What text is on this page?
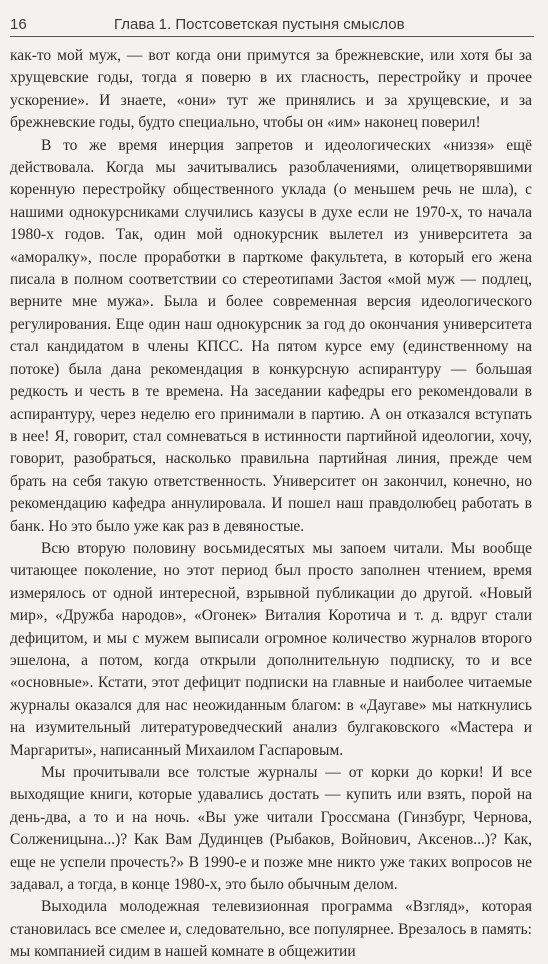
16	Глава 1. Постсоветская пустыня смыслов

как-то мой муж, — вот когда они примутся за брежневские, или хотя бы за хрущевские годы, тогда я поверю в их гласность, перестройку и прочее ускорение». И знаете, «они» тут же принялись и за хрущевские, и за брежневские годы, будто специально, чтобы он «им» наконец поверил!

В то же время инерция запретов и идеологических «низзя» ещё действовала. Когда мы зачитывались разоблачениями, олицетворявшими коренную перестройку общественного уклада (о меньшем речь не шла), с нашими однокурсниками случились казусы в духе если не 1970-х, то начала 1980-х годов. Так, один мой однокурсник вылетел из университета за «аморалку», после проработки в парткоме факультета, в который его жена писала в полном соответствии со стереотипами Застоя «мой муж — подлец, верните мне мужа». Была и более современная версия идеологического регулирования. Еще один наш однокурсник за год до окончания университета стал кандидатом в члены КПСС. На пятом курсе ему (единственному на потоке) была дана рекомендация в конкурсную аспирантуру — большая редкость и честь в те времена. На заседании кафедры его рекомендовали в аспирантуру, через неделю его принимали в партию. А он отказался вступать в нее! Я, говорит, стал сомневаться в истинности партийной идеологии, хочу, говорит, разобраться, насколько правильна партийная линия, прежде чем брать на себя такую ответственность. Университет он закончил, конечно, но рекомендацию кафедра аннулировала. И пошел наш правдолюбец работать в банк. Но это было уже как раз в девяностые.

Всю вторую половину восьмидесятых мы запоем читали. Мы вообще читающее поколение, но этот период был просто заполнен чтением, время измерялось от одной интересной, взрывной публикации до другой. «Новый мир», «Дружба народов», «Огонек» Виталия Коротича и т. д. вдруг стали дефицитом, и мы с мужем выписали огромное количество журналов второго эшелона, а потом, когда открыли дополнительную подписку, то и все «основные». Кстати, этот дефицит подписки на главные и наиболее читаемые журналы оказался для нас неожиданным благом: в «Даугаве» мы наткнулись на изумительный литературоведческий анализ булгаковского «Мастера и Маргариты», написанный Михаилом Гаспаровым.

Мы прочитывали все толстые журналы — от корки до корки! И все выходящие книги, которые удавались достать — купить или взять, порой на день-два, а то и на ночь. «Вы уже читали Гроссмана (Гинзбург, Чернова, Солженицына...)? Как Вам Дудинцев (Рыбаков, Войнович, Аксенов...)? Как, еще не успели прочесть?» В 1990-е и позже мне никто уже таких вопросов не задавал, а тогда, в конце 1980-х, это было обычным делом.

Выходила молодежная телевизионная программа «Взгляд», которая становилась все смелее и, следовательно, все популярнее. Врезалось в память: мы компанией сидим в нашей комнате в общежитии
